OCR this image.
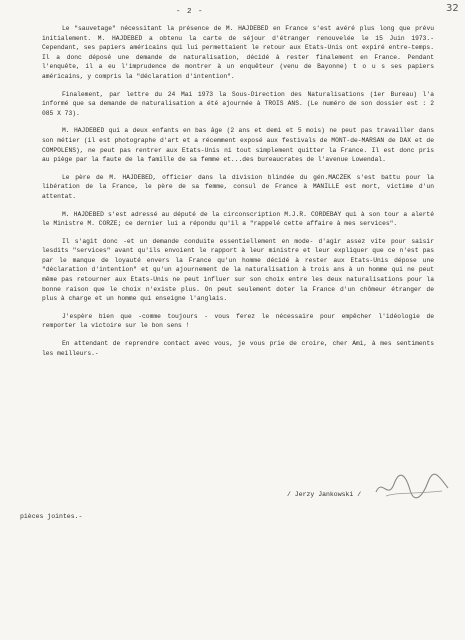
- 2 -	32

Le "sauvetage" nécessitant la présence de M. HAJDEBED en France s'est avéré plus long que prévu initialement. M. HAJDEBED a obtenu la carte de séjour d'étranger renouvelée le 15 Juin 1973.- Cependant, ses papiers américains qui lui permettaient le retour aux Etats-Unis ont expiré entre-temps. Il a donc déposé une demande de naturalisation, décidé à rester finalement en France. Pendant l'enquête, il a eu l'imprudence de montrer à un enquêteur (venu de Bayonne) t o u s ses papiers américains, y compris la "déclaration d'intention".

Finalement, par lettre du 24 Mai 1973 la Sous-Direction des Naturalisations (1er Bureau) l'a informé que sa demande de naturalisation a été ajournée à TROIS ANS. (Le numéro de son dossier est : 2 085 X 73).

M. HAJDEBED qui a deux enfants en bas âge (2 ans et demi et 5 mois) ne peut pas travailler dans son métier (il est photographe d'art et a récemment exposé aux festivals de MONT-de-MARSAN de DAX et de COMPOLENS), ne peut pas rentrer aux Etats-Unis ni tout simplement quitter la France. Il est donc pris au piège par la faute de la famille de sa femme et...des bureaucrates de l'avenue Lowendal.

Le père de M. HAJDEBED, officier dans la division blindée du gén.MACZEK s'est battu pour la libération de la France, le père de sa femme, consul de France à MANILLE est mort, victime d'un attentat.

M. HAJDEBED s'est adressé au député de la circonscription M.J.R. CORDEBAY qui à son tour a alerté le Ministre M. CORZE; ce dernier lui a répondu qu'il a "rappelé cette affaire à mes services".

Il s'agit donc -et un demande conduite essentiellement en mode- d'agir assez vite pour saisir lesdits "services" avant qu'ils envoient le rapport à leur ministre et leur expliquer que ce n'est pas par le manque de loyauté envers la France qu'un homme décidé à rester aux Etats-Unis dépose une "déclaration d'intention" et qu'un ajournement de la naturalisation à trois ans à un homme qui ne peut même pas retourner aux Etats-Unis ne peut influer sur son choix entre les deux naturalisations pour la bonne raison que le choix n'existe plus. On peut seulement doter la France d'un chômeur étranger de plus à charge et un homme qui enseigne l'anglais.

J'espère bien que -comme toujours - vous ferez le nécessaire pour empêcher l'idéologie de remporter la victoire sur le bon sens !

En attendant de reprendre contact avec vous, je vous prie de croire, cher Ami, à mes sentiments les meilleurs.-

/ Jerzy Jankowski /
pièces jointes.-
